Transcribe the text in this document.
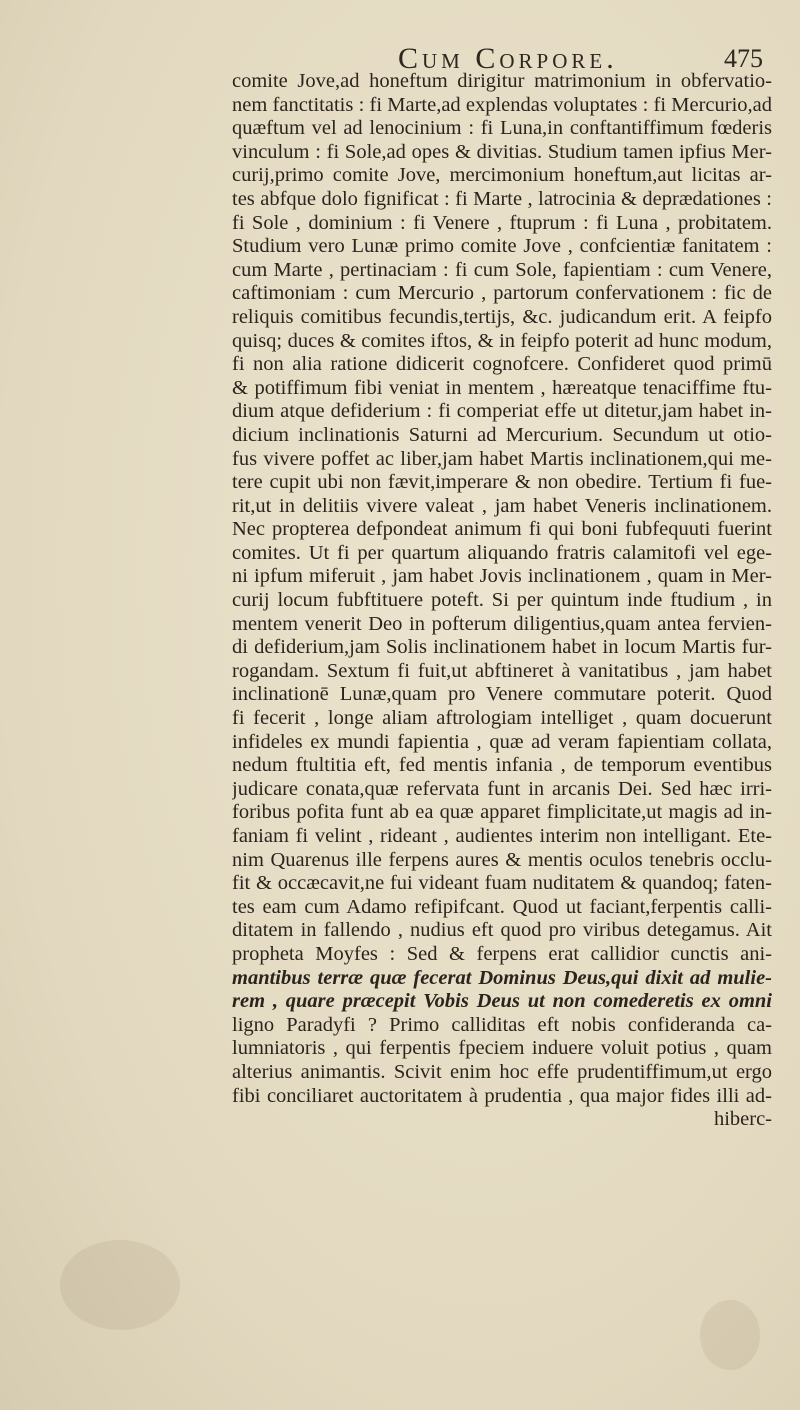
Cum Corpore.	475
comite Jove,ad honeftum dirigitur matrimonium in obfervatio-
nem fanctitatis : fi Marte,ad explendas voluptates : fi Mercurio,ad
quæftum vel ad lenocinium : fi Luna,in conftantiffimum fœderis
vinculum : fi Sole,ad opes & divitias. Studium tamen ipfius Mer-
curij,primo comite Jove, mercimonium honeftum,aut licitas ar-
tes abfque dolo fignificat : fi Marte , latrocinia & deprædationes :
fi Sole , dominium : fi Venere , ftuprum : fi Luna , probitatem.
Studium vero Lunæ primo comite Jove , confcientiæ fanitatem :
cum Marte , pertinaciam : fi cum Sole, fapientiam : cum Venere,
caftimoniam : cum Mercurio , partorum confervationem : fic de
reliquis comitibus fecundis,tertijs, &c. judicandum erit. A feipfo
quisq; duces & comites iftos, & in feipfo poterit ad hunc modum,
fi non alia ratione didicerit cognofcere. Confideret quod primū
& potiffimum fibi veniat in mentem , hæreatque tenaciffime ftu-
dium atque defiderium : fi comperiat effe ut ditetur,jam habet in-
dicium inclinationis Saturni ad Mercurium. Secundum ut otio-
fus vivere poffet ac liber,jam habet Martis inclinationem,qui me-
tere cupit ubi non fævit,imperare & non obedire. Tertium fi fue-
rit,ut in delitiis vivere valeat , jam habet Veneris inclinationem.
Nec propterea defpondeat animum fi qui boni fubfequuti fuerint
comites. Ut fi per quartum aliquando fratris calamitofi vel ege-
ni ipfum miferuit , jam habet Jovis inclinationem , quam in Mer-
curij locum fubftituere poteft. Si per quintum inde ftudium , in
mentem venerit Deo in pofterum diligentius,quam antea fervien-
di defiderium,jam Solis inclinationem habet in locum Martis fur-
rogandam. Sextum fi fuit,ut abftineret à vanitatibus , jam habet
inclinationē Lunæ,quam pro Venere commutare poterit. Quod
fi fecerit , longe aliam aftrologiam intelliget , quam docuerunt
infideles ex mundi fapientia , quæ ad veram fapientiam collata,
nedum ftultitia eft, fed mentis infania , de temporum eventibus
judicare conata,quæ refervata funt in arcanis Dei. Sed hæc irri-
foribus pofita funt ab ea quæ apparet fimplicitate,ut magis ad in-
faniam fi velint , rideant , audientes interim non intelligant. Ete-
nim Quarenus ille ferpens aures & mentis oculos tenebris occlu-
fit & occæcavit,ne fui videant fuam nuditatem & quandoq; faten-
tes eam cum Adamo refipifcant. Quod ut faciant,ferpentis calli-
ditatem in fallendo , nudius eft quod pro viribus detegamus. Ait
propheta Moyfes : Sed & ferpens erat callidior cunctis ani-
mantibus terræ quæ fecerat Dominus Deus,qui dixit ad mulie-
rem , quare præcepit Vobis Deus ut non comederetis ex omni
ligno Paradyfi ? Primo calliditas eft nobis confideranda ca-
lumniatoris , qui ferpentis fpeciem induere voluit potius , quam
alterius animantis. Scivit enim hoc effe prudentiffimum,ut ergo
fibi conciliaret auctoritatem à prudentia , qua major fides illi ad-
hiberc-
